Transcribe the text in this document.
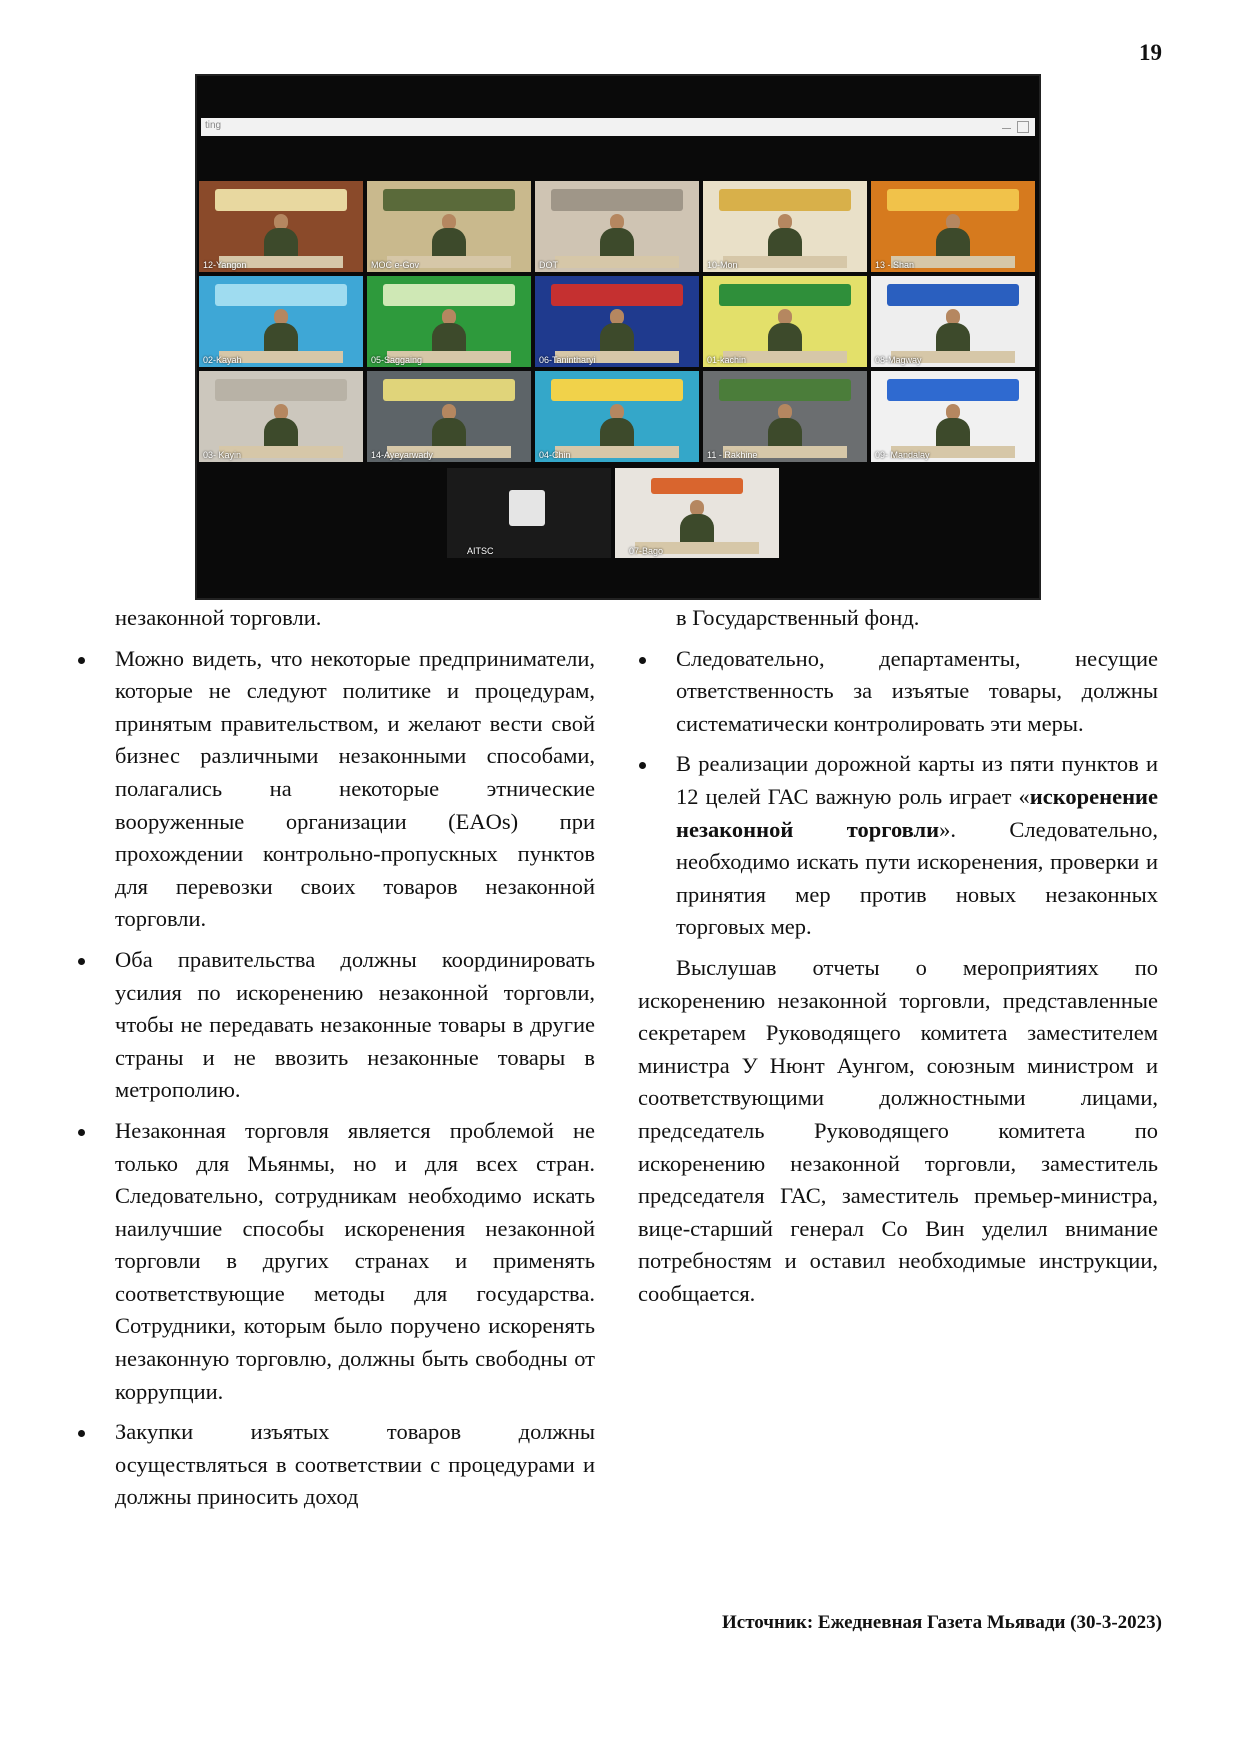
19
ting
12-Yangon	MOC e-Gov	DOT	10-Mon	13 - Shan
02-Kayah	05-Saggaing	06-Tanintharyi	01-kachin	08-Magway
03- Kayin	14-Ayeyarwady	04-Chin	11 - Rakhine	09- Mandalay
AITSC	07-Bago

незаконной торговли.

Можно видеть, что некоторые предприниматели, которые не следуют политике и процедурам, принятым правительством, и желают вести свой бизнес различными незаконными способами, полагались на некоторые этнические вооруженные организации (EAOs) при прохождении контрольно-пропускных пунктов для перевозки своих товаров незаконной торговли.

Оба правительства должны координировать усилия по искоренению незаконной торговли, чтобы не передавать незаконные товары в другие страны и не ввозить незаконные товары в метрополию.

Незаконная торговля является проблемой не только для Мьянмы, но и для всех стран. Следовательно, сотрудникам необходимо искать наилучшие способы искоренения незаконной торговли в других странах и применять соответствующие методы для государства. Сотрудники, которым было поручено искоренять незаконную торговлю, должны быть свободны от коррупции.

Закупки изъятых товаров должны осуществляться в соответствии с процедурами и должны приносить доход

в Государственный фонд.

Следовательно, департаменты, несущие ответственность за изъятые товары, должны систематически контролировать эти меры.

В реализации дорожной карты из пяти пунктов и 12 целей ГАС важную роль играет «искоренение незаконной торговли». Следовательно, необходимо искать пути искоренения, проверки и принятия мер против новых незаконных торговых мер.

Выслушав отчеты о мероприятиях по искоренению незаконной торговли, представленные секретарем Руководящего комитета заместителем министра У Нюнт Аунгом, союзным министром и соответствующими должностными лицами, председатель Руководящего комитета по искоренению незаконной торговли, заместитель председателя ГАС, заместитель премьер-министра, вице-старший генерал Со Вин уделил внимание потребностям и оставил необходимые инструкции, сообщается.

Источник: Ежедневная Газета Мьявади (30-3-2023)
